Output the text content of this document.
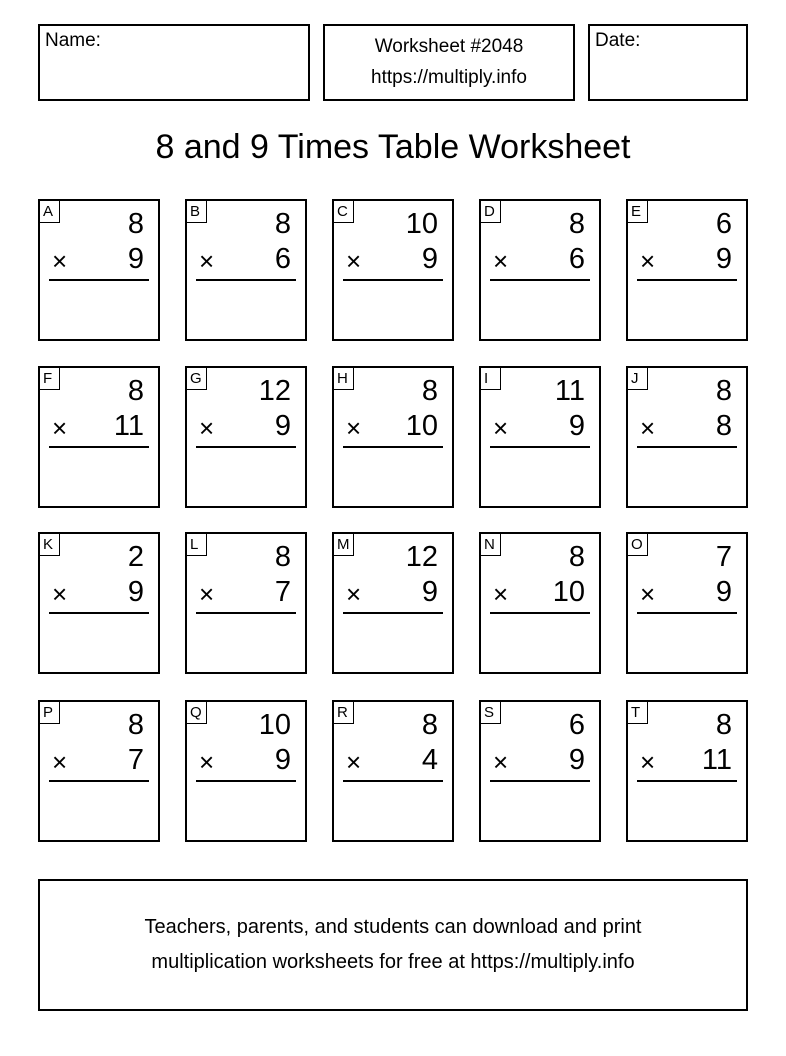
Name:	Worksheet #2048
https://multiply.info
Date:
8 and 9 Times Table Worksheet
A	8
× 9
B	8
× 6
C 10
× 9
D	8
× 6
E	6
× 9
F	8
× 11
G 12
× 9
H	8
× 10
I	11
× 9
J	8
× 8
K	2
× 9
L	8
× 7
M 12
× 9
N	8
× 10
O	7
× 9
P	8
× 7
Q 10
× 9
R	8
× 4
S	6
× 9
T	8
× 11
Teachers, parents, and students can download and print
multiplication worksheets for free at https://multiply.info
